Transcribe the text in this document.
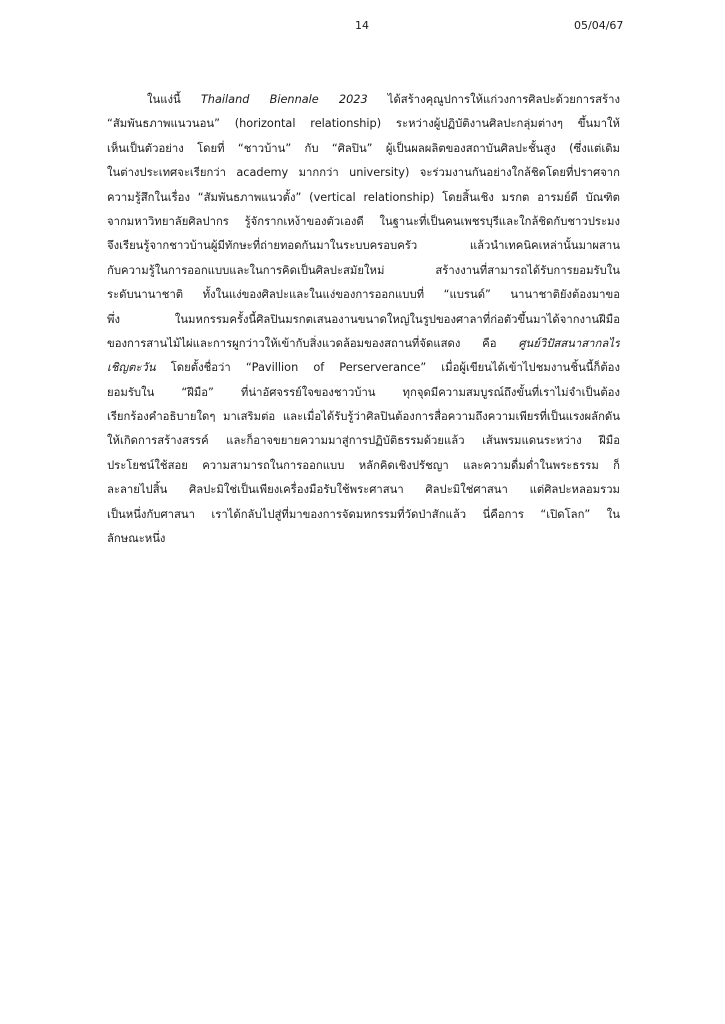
14	05/04/67
ในแง่นี้ Thailand Biennale 2023 ได้สร้างคุณูปการให้แก่วงการศิลปะด้วยการสร้าง
“สัมพันธภาพแนวนอน” (horizontal relationship) ระหว่างผู้ปฏิบัติงานศิลปะกลุ่มต่างๆ ขึ้นมาให้
เห็นเป็นตัวอย่าง โดยที่ “ชาวบ้าน” กับ “ศิลปิน” ผู้เป็นผลผลิตของสถาบันศิลปะชั้นสูง (ซึ่งแต่เดิม
ในต่างประเทศจะเรียกว่า academy มากกว่า university) จะร่วมงานกันอย่างใกล้ชิดโดยที่ปราศจาก
ความรู้สึกในเรื่อง “สัมพันธภาพแนวตั้ง” (vertical relationship) โดยสิ้นเชิง มรกต อารมย์ดี บัณฑิต
จากมหาวิทยาลัยศิลปากร รู้จักรากเหง้าของตัวเองดี ในฐานะที่เป็นคนเพชรบุรีและใกล้ชิดกับชาวประมง
จึงเรียนรู้จากชาวบ้านผู้มีทักษะที่ถ่ายทอดกันมาในระบบครอบครัว แล้วนำเทคนิคเหล่านั้นมาผสาน
กับความรู้ในการออกแบบและในการคิดเป็นศิลปะสมัยใหม่ สร้างงานที่สามารถได้รับการยอมรับใน
ระดับนานาชาติ ทั้งในแง่ของศิลปะและในแง่ของการออกแบบที่ “แบรนด์” นานาชาติยังต้องมาขอ
พึ่ง ในมหกรรมครั้งนี้ศิลปินมรกตเสนองานขนาดใหญ่ในรูปของศาลาที่ก่อตัวขึ้นมาได้จากงานฝีมือ
ของการสานไม้ไผ่และการผูกว่าวให้เข้ากับสิ่งแวดล้อมของสถานที่จัดแสดง คือ ศูนย์วิปัสสนาสากลไร่
เชิญตะวัน โดยตั้งชื่อว่า “Pavillion of Perserverance” เมื่อผู้เขียนได้เข้าไปชมงานชิ้นนี้ก็ต้อง
ยอมรับใน “ฝีมือ” ที่น่าอัศจรรย์ใจของชาวบ้าน ทุกจุดมีความสมบูรณ์ถึงขั้นที่เราไม่จำเป็นต้อง
เรียกร้องคำอธิบายใดๆ มาเสริมต่อ และเมื่อได้รับรู้ว่าศิลปินต้องการสื่อความถึงความเพียรที่เป็นแรงผลักดัน
ให้เกิดการสร้างสรรค์ และก็อาจขยายความมาสู่การปฏิบัติธรรมด้วยแล้ว เส้นพรมแดนระหว่าง ฝีมือ
ประโยชน์ใช้สอย ความสามารถในการออกแบบ หลักคิดเชิงปรัชญา และความดื่มด่ำในพระธรรม ก็
ละลายไปสิ้น ศิลปะมิใช่เป็นเพียงเครื่องมือรับใช้พระศาสนา ศิลปะมิใช่ศาสนา แต่ศิลปะหลอมรวม
เป็นหนึ่งกับศาสนา เราได้กลับไปสู่ที่มาของการจัดมหกรรมที่วัดป่าสักแล้ว นี่คือการ “เปิดโลก” ใน
ลักษณะหนึ่ง
